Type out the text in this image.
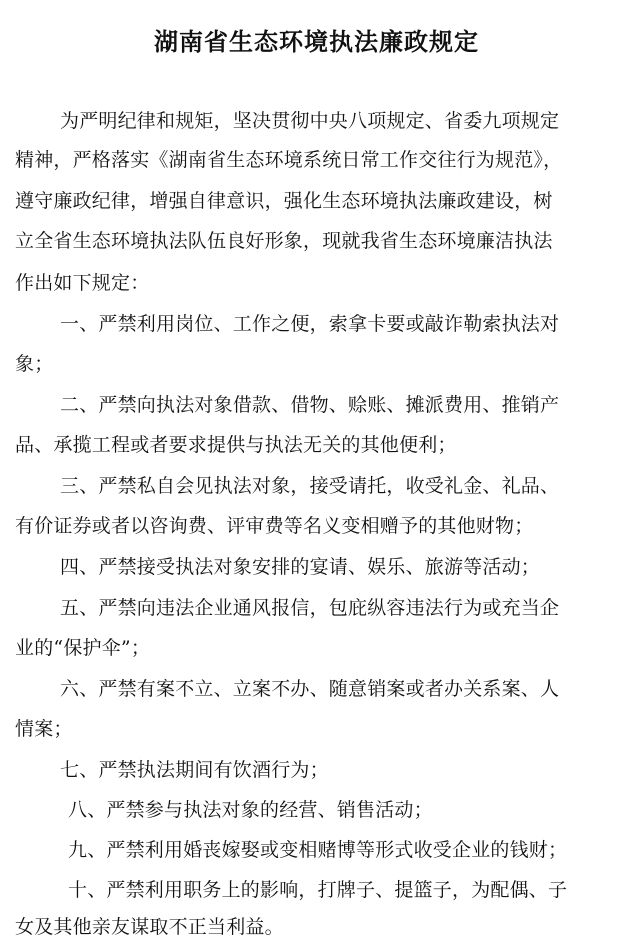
湖南省生态环境执法廉政规定
为严明纪律和规矩，坚决贯彻中央八项规定、省委九项规定
精神，严格落实《湖南省生态环境系统日常工作交往行为规范》，
遵守廉政纪律，增强自律意识，强化生态环境执法廉政建设，树
立全省生态环境执法队伍良好形象，现就我省生态环境廉洁执法
作出如下规定：
一、严禁利用岗位、工作之便，索拿卡要或敲诈勒索执法对
象；
二、严禁向执法对象借款、借物、赊账、摊派费用、推销产
品、承揽工程或者要求提供与执法无关的其他便利；
三、严禁私自会见执法对象，接受请托，收受礼金、礼品、
有价证券或者以咨询费、评审费等名义变相赠予的其他财物；
四、严禁接受执法对象安排的宴请、娱乐、旅游等活动；
五、严禁向违法企业通风报信，包庇纵容违法行为或充当企
业的“保护伞”；
六、严禁有案不立、立案不办、随意销案或者办关系案、人
情案；
七、严禁执法期间有饮酒行为；
八、严禁参与执法对象的经营、销售活动；
九、严禁利用婚丧嫁娶或变相赌博等形式收受企业的钱财；
十、严禁利用职务上的影响，打牌子、提篮子，为配偶、子
女及其他亲友谋取不正当利益。
